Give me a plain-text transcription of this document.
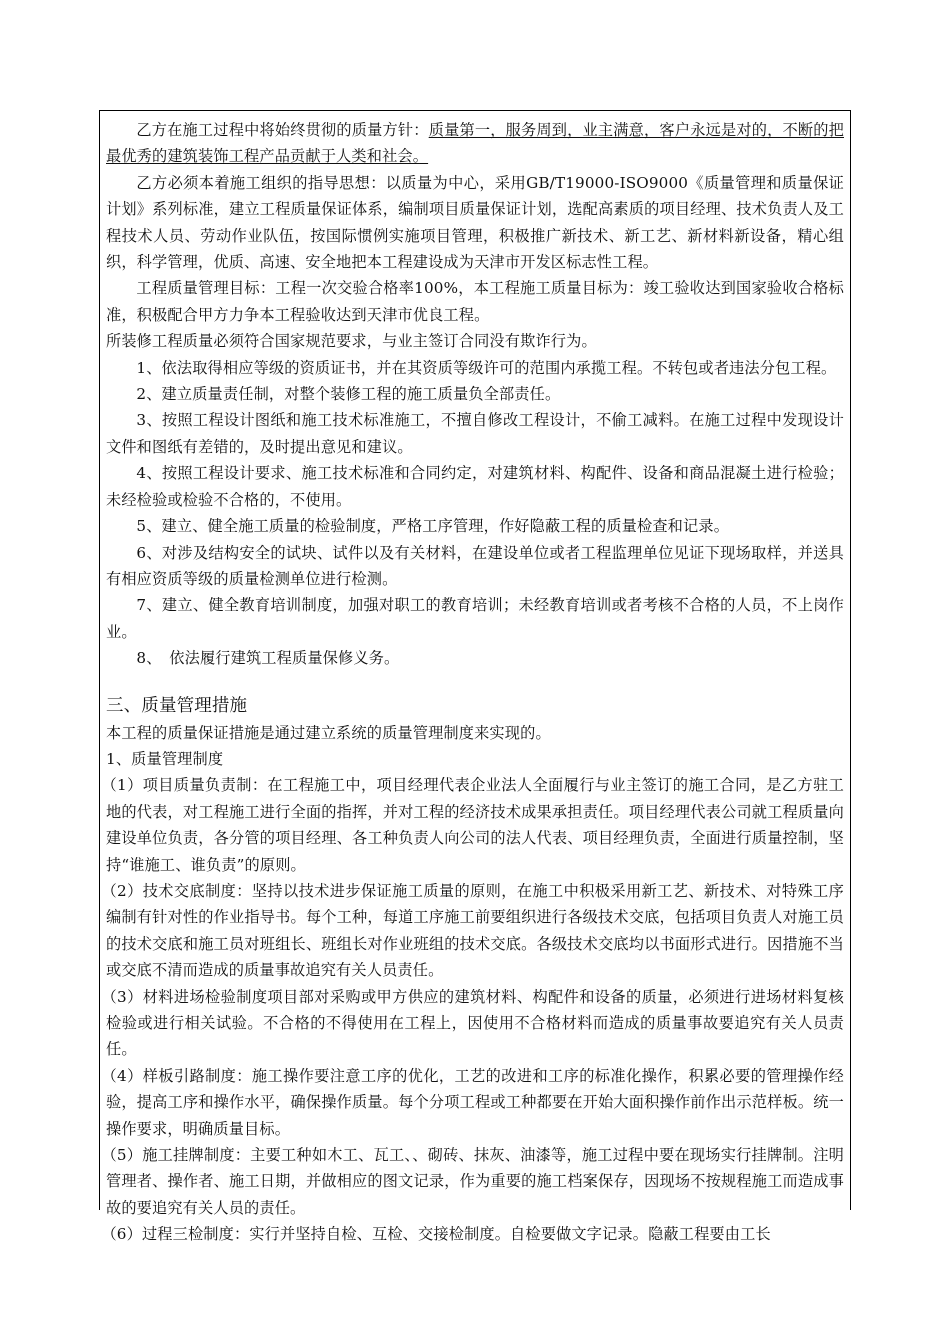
乙方在施工过程中将始终贯彻的质量方针：质量第一，服务周到，业主满意，客户永远是对的，不断的把最优秀的建筑装饰工程产品贡献于人类和社会。

乙方必须本着施工组织的指导思想：以质量为中心，采用GB/T19000-ISO9000《质量管理和质量保证计划》系列标准，建立工程质量保证体系，编制项目质量保证计划，选配高素质的项目经理、技术负责人及工程技术人员、劳动作业队伍，按国际惯例实施项目管理，积极推广新技术、新工艺、新材料新设备，精心组织，科学管理，优质、高速、安全地把本工程建设成为天津市开发区标志性工程。

工程质量管理目标：工程一次交验合格率100%，本工程施工质量目标为：竣工验收达到国家验收合格标准，积极配合甲方力争本工程验收达到天津市优良工程。

所装修工程质量必须符合国家规范要求，与业主签订合同没有欺诈行为。

1、依法取得相应等级的资质证书，并在其资质等级许可的范围内承揽工程。不转包或者违法分包工程。

2、建立质量责任制，对整个装修工程的施工质量负全部责任。

3、按照工程设计图纸和施工技术标准施工，不擅自修改工程设计，不偷工减料。在施工过程中发现设计文件和图纸有差错的，及时提出意见和建议。

4、按照工程设计要求、施工技术标准和合同约定，对建筑材料、构配件、设备和商品混凝土进行检验；未经检验或检验不合格的，不使用。

5、建立、健全施工质量的检验制度，严格工序管理，作好隐蔽工程的质量检查和记录。

6、对涉及结构安全的试块、试件以及有关材料，在建设单位或者工程监理单位见证下现场取样，并送具有相应资质等级的质量检测单位进行检测。

7、建立、健全教育培训制度，加强对职工的教育培训；未经教育培训或者考核不合格的人员，不上岗作业。

8、　依法履行建筑工程质量保修义务。

三、质量管理措施

本工程的质量保证措施是通过建立系统的质量管理制度来实现的。

1、质量管理制度

（1）项目质量负责制：在工程施工中，项目经理代表企业法人全面履行与业主签订的施工合同，是乙方驻工地的代表，对工程施工进行全面的指挥，并对工程的经济技术成果承担责任。项目经理代表公司就工程质量向建设单位负责，各分管的项目经理、各工种负责人向公司的法人代表、项目经理负责，全面进行质量控制，坚持“谁施工、谁负责”的原则。

（2）技术交底制度：坚持以技术进步保证施工质量的原则，在施工中积极采用新工艺、新技术、对特殊工序编制有针对性的作业指导书。每个工种，每道工序施工前要组织进行各级技术交底，包括项目负责人对施工员的技术交底和施工员对班组长、班组长对作业班组的技术交底。各级技术交底均以书面形式进行。因措施不当或交底不清而造成的质量事故追究有关人员责任。

（3）材料进场检验制度项目部对采购或甲方供应的建筑材料、构配件和设备的质量，必须进行进场材料复核检验或进行相关试验。不合格的不得使用在工程上，因使用不合格材料而造成的质量事故要追究有关人员责任。

（4）样板引路制度：施工操作要注意工序的优化，工艺的改进和工序的标准化操作，积累必要的管理操作经验，提高工序和操作水平，确保操作质量。每个分项工程或工种都要在开始大面积操作前作出示范样板。统一操作要求，明确质量目标。

（5）施工挂牌制度：主要工种如木工、瓦工、、砌砖、抹灰、油漆等，施工过程中要在现场实行挂牌制。注明管理者、操作者、施工日期，并做相应的图文记录，作为重要的施工档案保存，因现场不按规程施工而造成事故的要追究有关人员的责任。

（6）过程三检制度：实行并坚持自检、互检、交接检制度。自检要做文字记录。隐蔽工程要由工长
